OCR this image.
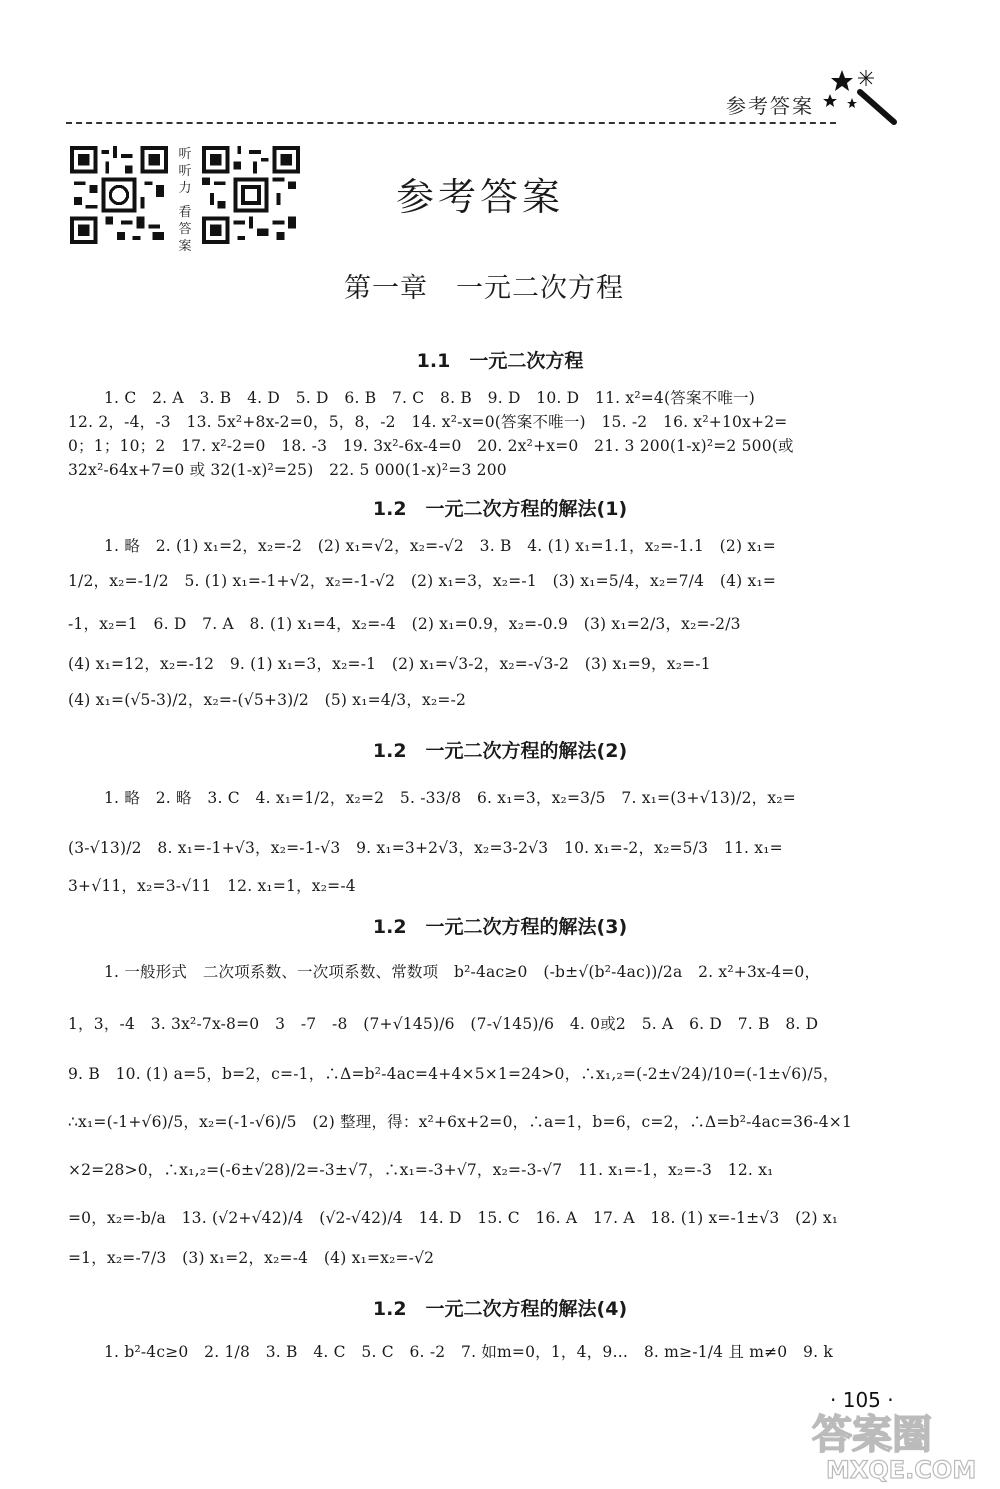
参考答案
听听力
看答案
参考答案
第一章　一元二次方程
1.1　一元二次方程
1. C　2. A　3. B　4. D　5. D　6. B　7. C　8. B　9. D　10. D　11. x²=4(答案不唯一)
12. 2，-4，-3　13. 5x²+8x-2=0，5，8，-2　14. x²-x=0(答案不唯一)　15. -2　16. x²+10x+2=
0；1；10；2　17. x²-2=0　18. -3　19. 3x²-6x-4=0　20. 2x²+x=0　21. 3 200(1-x)²=2 500(或
32x²-64x+7=0 或 32(1-x)²=25)　22. 5 000(1-x)²=3 200
1.2　一元二次方程的解法(1)
1. 略　2. (1) x₁=2，x₂=-2　(2) x₁=√2，x₂=-√2　3. B　4. (1) x₁=1.1，x₂=-1.1　(2) x₁=
1/2，x₂=-1/2　5. (1) x₁=-1+√2，x₂=-1-√2　(2) x₁=3，x₂=-1　(3) x₁=5/4，x₂=7/4　(4) x₁=
-1，x₂=1　6. D　7. A　8. (1) x₁=4，x₂=-4　(2) x₁=0.9，x₂=-0.9　(3) x₁=2/3，x₂=-2/3
(4) x₁=12，x₂=-12　9. (1) x₁=3，x₂=-1　(2) x₁=√3-2，x₂=-√3-2　(3) x₁=9，x₂=-1
(4) x₁=(√5-3)/2，x₂=-(√5+3)/2　(5) x₁=4/3，x₂=-2
1.2　一元二次方程的解法(2)
1. 略　2. 略　3. C　4. x₁=1/2，x₂=2　5. -33/8　6. x₁=3，x₂=3/5　7. x₁=(3+√13)/2，x₂=
(3-√13)/2　8. x₁=-1+√3，x₂=-1-√3　9. x₁=3+2√3，x₂=3-2√3　10. x₁=-2，x₂=5/3　11. x₁=
3+√11，x₂=3-√11　12. x₁=1，x₂=-4
1.2　一元二次方程的解法(3)
1. 一般形式　二次项系数、一次项系数、常数项　b²-4ac≥0　(-b±√(b²-4ac))/2a　2. x²+3x-4=0，
1，3，-4　3. 3x²-7x-8=0　3　-7　-8　(7+√145)/6　(7-√145)/6　4. 0或2　5. A　6. D　7. B　8. D
9. B　10. (1) a=5，b=2，c=-1，∴Δ=b²-4ac=4+4×5×1=24>0，∴x₁,₂=(-2±√24)/10=(-1±√6)/5，
∴x₁=(-1+√6)/5，x₂=(-1-√6)/5　(2) 整理，得：x²+6x+2=0，∴a=1，b=6，c=2，∴Δ=b²-4ac=36-4×1
×2=28>0，∴x₁,₂=(-6±√28)/2=-3±√7，∴x₁=-3+√7，x₂=-3-√7　11. x₁=-1，x₂=-3　12. x₁
=0，x₂=-b/a　13. (√2+√42)/4　(√2-√42)/4　14. D　15. C　16. A　17. A　18. (1) x=-1±√3　(2) x₁
=1，x₂=-7/3　(3) x₁=2，x₂=-4　(4) x₁=x₂=-√2
1.2　一元二次方程的解法(4)
1. b²-4c≥0　2. 1/8　3. B　4. C　5. C　6. -2　7. 如m=0，1，4，9…　8. m≥-1/4 且 m≠0　9. k
· 105 ·
答案圈
MXQE.COM
